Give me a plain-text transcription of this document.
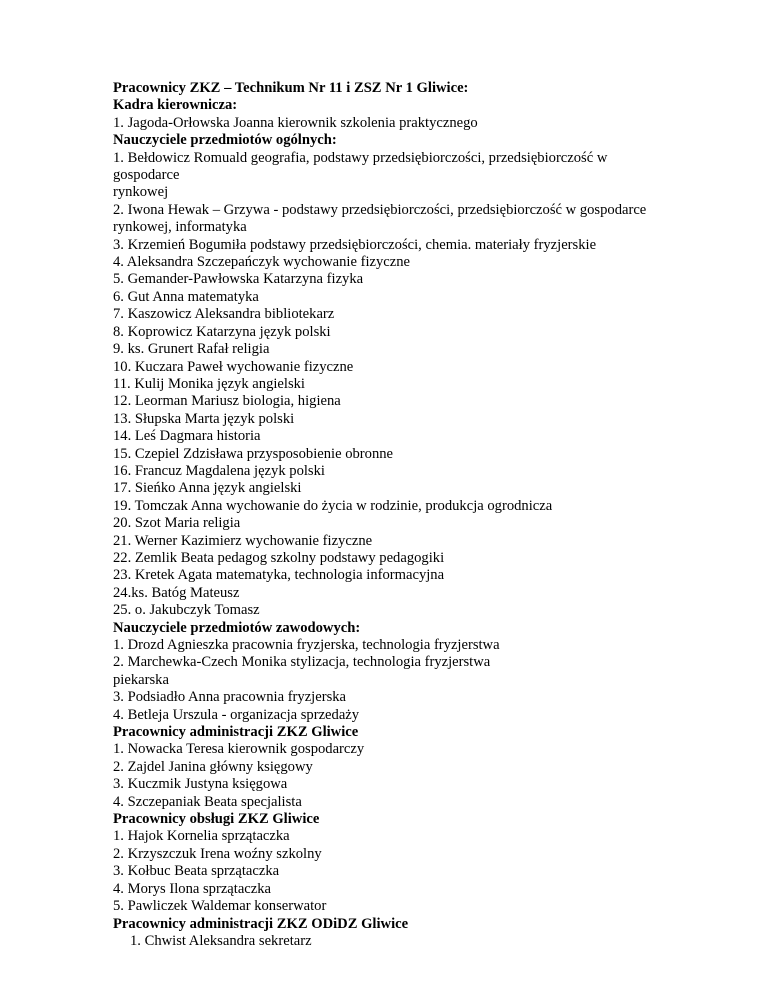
Pracownicy ZKZ – Technikum Nr 11 i ZSZ Nr 1 Gliwice:
Kadra kierownicza:
1. Jagoda-Orłowska Joanna kierownik szkolenia praktycznego
Nauczyciele przedmiotów ogólnych:
1. Bełdowicz Romuald geografia, podstawy przedsiębiorczości, przedsiębiorczość w
gospodarce
rynkowej
2. Iwona Hewak – Grzywa - podstawy przedsiębiorczości, przedsiębiorczość w gospodarce
rynkowej, informatyka
3. Krzemień Bogumiła podstawy przedsiębiorczości, chemia. materiały fryzjerskie
4. Aleksandra Szczepańczyk wychowanie fizyczne
5. Gemander-Pawłowska Katarzyna fizyka
6. Gut Anna matematyka
7. Kaszowicz Aleksandra bibliotekarz
8. Koprowicz Katarzyna język polski
9. ks. Grunert Rafał religia
10. Kuczara Paweł wychowanie fizyczne
11. Kulij Monika język angielski
12. Leorman Mariusz biologia, higiena
13. Słupska Marta język polski
14. Leś Dagmara historia
15. Czepiel Zdzisława przysposobienie obronne
16. Francuz Magdalena język polski
17. Sieńko Anna język angielski
19. Tomczak Anna wychowanie do życia w rodzinie, produkcja ogrodnicza
20. Szot Maria religia
21. Werner Kazimierz wychowanie fizyczne
22. Zemlik Beata pedagog szkolny podstawy pedagogiki
23. Kretek Agata matematyka, technologia informacyjna
24.ks. Batóg Mateusz
25. o. Jakubczyk Tomasz
Nauczyciele przedmiotów zawodowych:
1. Drozd Agnieszka pracownia fryzjerska, technologia fryzjerstwa
2. Marchewka-Czech Monika stylizacja, technologia fryzjerstwa
piekarska
3. Podsiadło Anna pracownia fryzjerska
4. Betleja Urszula - organizacja sprzedaży
Pracownicy administracji ZKZ Gliwice
1. Nowacka Teresa kierownik gospodarczy
2. Zajdel Janina główny księgowy
3. Kuczmik Justyna księgowa
4. Szczepaniak Beata specjalista
Pracownicy obsługi ZKZ Gliwice
1. Hajok Kornelia sprzątaczka
2. Krzyszczuk Irena woźny szkolny
3. Kołbuc Beata sprzątaczka
4. Morys Ilona sprzątaczka
5. Pawliczek Waldemar konserwator
Pracownicy administracji ZKZ ODiDZ Gliwice
1. Chwist Aleksandra sekretarz
